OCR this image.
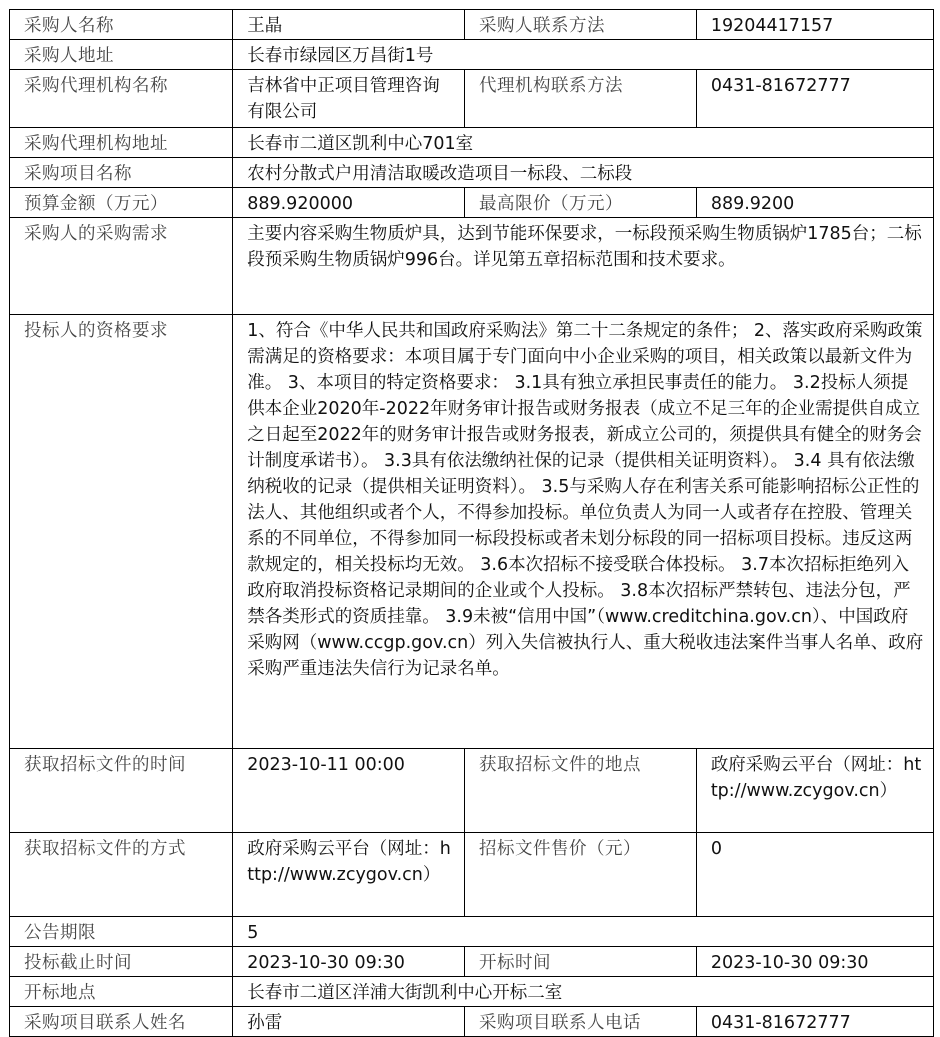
采购人名称	王晶	采购人联系方法	19204417157
采购人地址	长春市绿园区万昌街1号		
采购代理机构名称	吉林省中正项目管理咨询有限公司	代理机构联系方法	0431-81672777
采购代理机构地址	长春市二道区凯利中心701室		
采购项目名称	农村分散式户用清洁取暖改造项目一标段、二标段		
预算金额（万元）	889.920000	最高限价（万元）	889.9200
采购人的采购需求	主要内容采购生物质炉具，达到节能环保要求，一标段预采购生物质锅炉1785台；二标段预采购生物质锅炉996台。详见第五章招标范围和技术要求。		
投标人的资格要求	1、符合《中华人民共和国政府采购法》第二十二条规定的条件； 2、落实政府采购政策需满足的资格要求：本项目属于专门面向中小企业采购的项目，相关政策以最新文件为准。 3、本项目的特定资格要求： 3.1具有独立承担民事责任的能力。 3.2投标人须提供本企业2020年-2022年财务审计报告或财务报表（成立不足三年的企业需提供自成立之日起至2022年的财务审计报告或财务报表，新成立公司的，须提供具有健全的财务会计制度承诺书）。 3.3具有依法缴纳社保的记录（提供相关证明资料）。 3.4 具有依法缴纳税收的记录（提供相关证明资料）。 3.5与采购人存在利害关系可能影响招标公正性的法人、其他组织或者个人，不得参加投标。单位负责人为同一人或者存在控股、管理关系的不同单位，不得参加同一标段投标或者未划分标段的同一招标项目投标。违反这两款规定的，相关投标均无效。 3.6本次招标不接受联合体投标。 3.7本次招标拒绝列入政府取消投标资格记录期间的企业或个人投标。 3.8本次招标严禁转包、违法分包，严禁各类形式的资质挂靠。 3.9未被“信用中国”（www.creditchina.gov.cn）、中国政府采购网（www.ccgp.gov.cn）列入失信被执行人、重大税收违法案件当事人名单、政府采购严重违法失信行为记录名单。		
获取招标文件的时间	2023-10-11 00:00	获取招标文件的地点	政府采购云平台（网址：http://www.zcygov.cn）
获取招标文件的方式	政府采购云平台（网址：http://www.zcygov.cn）	招标文件售价（元）	0
公告期限	5		
投标截止时间	2023-10-30 09:30	开标时间	2023-10-30 09:30
开标地点	长春市二道区洋浦大街凯利中心开标二室		
采购项目联系人姓名	孙雷	采购项目联系人电话	0431-81672777
